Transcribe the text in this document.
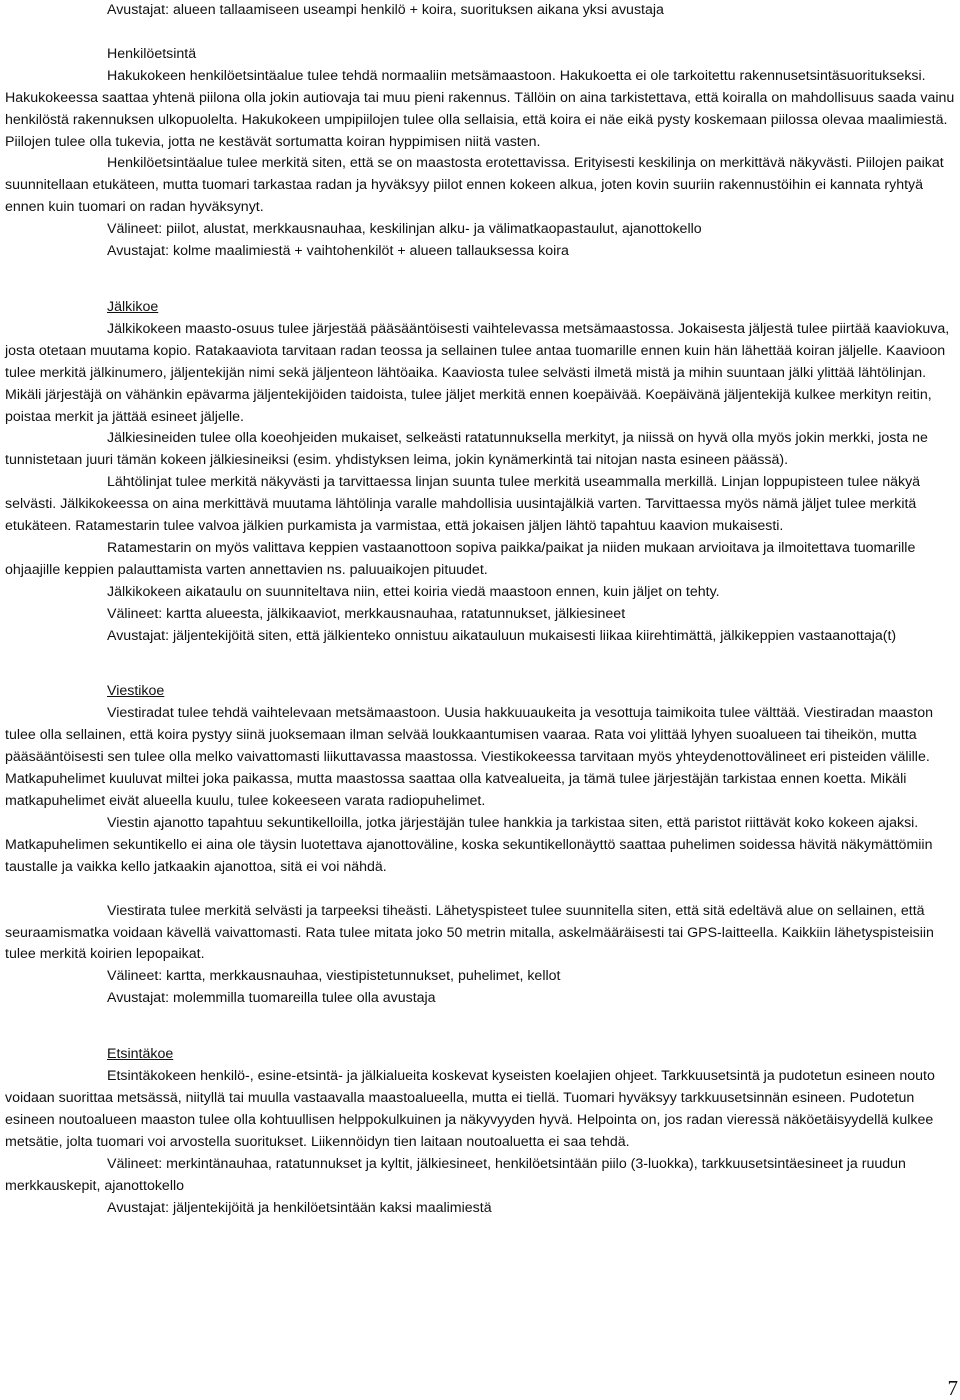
Avustajat: alueen tallaamiseen useampi henkilö + koira, suorituksen aikana yksi avustaja

Henkilöetsintä

Hakukokeen henkilöetsintäalue tulee tehdä normaaliin metsämaastoon. Hakukoetta ei ole tarkoitettu rakennusetsintäsuoritukseksi. Hakukokeessa saattaa yhtenä piilona olla jokin autiovaja tai muu pieni rakennus. Tällöin on aina tarkistettava, että koiralla on mahdollisuus saada vainu henkilöstä rakennuksen ulkopuolelta. Hakukokeen umpipiilojen tulee olla sellaisia, että koira ei näe eikä pysty koskemaan piilossa olevaa maalimiestä. Piilojen tulee olla tukevia, jotta ne kestävät sortumatta koiran hyppimisen niitä vasten.

Henkilöetsintäalue tulee merkitä siten, että se on maastosta erotettavissa. Erityisesti keskilinja on merkittävä näkyvästi. Piilojen paikat suunnitellaan etukäteen, mutta tuomari tarkastaa radan ja hyväksyy piilot ennen kokeen alkua, joten kovin suuriin rakennustöihin ei kannata ryhtyä ennen kuin tuomari on radan hyväksynyt.

Välineet: piilot, alustat, merkkausnauhaa, keskilinjan alku- ja välimatkaopastaulut, ajanottokello

Avustajat: kolme maalimiestä + vaihtohenkilöt + alueen tallauksessa koira

Jälkikoe

Jälkikokeen maasto-osuus tulee järjestää pääsääntöisesti vaihtelevassa metsämaastossa. Jokaisesta jäljestä tulee piirtää kaaviokuva, josta otetaan muutama kopio. Ratakaaviota tarvitaan radan teossa ja sellainen tulee antaa tuomarille ennen kuin hän lähettää koiran jäljelle. Kaavioon tulee merkitä jälkinumero, jäljentekijän nimi sekä jäljenteon lähtöaika. Kaaviosta tulee selvästi ilmetä mistä ja mihin suuntaan jälki ylittää lähtölinjan. Mikäli järjestäjä on vähänkin epävarma jäljentekijöiden taidoista, tulee jäljet merkitä ennen koepäivää. Koepäivänä jäljentekijä kulkee merkityn reitin, poistaa merkit ja jättää esineet jäljelle.

Jälkiesineiden tulee olla koeohjeiden mukaiset, selkeästi ratatunnuksella merkityt, ja niissä on hyvä olla myös jokin merkki, josta ne tunnistetaan juuri tämän kokeen jälkiesineiksi (esim. yhdistyksen leima, jokin kynämerkintä tai nitojan nasta esineen päässä).

Lähtölinjat tulee merkitä näkyvästi ja tarvittaessa linjan suunta tulee merkitä useammalla merkillä. Linjan loppupisteen tulee näkyä selvästi. Jälkikokeessa on aina merkittävä muutama lähtölinja varalle mahdollisia uusintajälkiä varten. Tarvittaessa myös nämä jäljet tulee merkitä etukäteen. Ratamestarin tulee valvoa jälkien purkamista ja varmistaa, että jokaisen jäljen lähtö tapahtuu kaavion mukaisesti.

Ratamestarin on myös valittava keppien vastaanottoon sopiva paikka/paikat ja niiden mukaan arvioitava ja ilmoitettava tuomarille ohjaajille keppien palauttamista varten annettavien ns. paluuaikojen pituudet.

Jälkikokeen aikataulu on suunniteltava niin, ettei koiria viedä maastoon ennen, kuin jäljet on tehty.

Välineet: kartta alueesta, jälkikaaviot, merkkausnauhaa, ratatunnukset, jälkiesineet

Avustajat: jäljentekijöitä siten, että jälkienteko onnistuu aikatauluun mukaisesti liikaa kiirehtimättä, jälkikeppien vastaanottaja(t)

Viestikoe

Viestiradat tulee tehdä vaihtelevaan metsämaastoon. Uusia hakkuuaukeita ja vesottuja taimikoita tulee välttää. Viestiradan maaston tulee olla sellainen, että koira pystyy siinä juoksemaan ilman selvää loukkaantumisen vaaraa. Rata voi ylittää lyhyen suoalueen tai tiheikön, mutta pääsääntöisesti sen tulee olla melko vaivattomasti liikuttavassa maastossa. Viestikokeessa tarvitaan myös yhteydenottovälineet eri pisteiden välille. Matkapuhelimet kuuluvat miltei joka paikassa, mutta maastossa saattaa olla katvealueita, ja tämä tulee järjestäjän tarkistaa ennen koetta. Mikäli matkapuhelimet eivät alueella kuulu, tulee kokeeseen varata radiopuhelimet.

Viestin ajanotto tapahtuu sekuntikelloilla, jotka järjestäjän tulee hankkia ja tarkistaa siten, että paristot riittävät koko kokeen ajaksi. Matkapuhelimen sekuntikello ei aina ole täysin luotettava ajanottoväline, koska sekuntikellonäyttö saattaa puhelimen soidessa hävitä näkymättömiin taustalle ja vaikka kello jatkaakin ajanottoa, sitä ei voi nähdä.

Viestirata tulee merkitä selvästi ja tarpeeksi tiheästi. Lähetyspisteet tulee suunnitella siten, että sitä edeltävä alue on sellainen, että seuraamismatka voidaan kävellä vaivattomasti. Rata tulee mitata joko 50 metrin mitalla, askelmääräisesti tai GPS-laitteella. Kaikkiin lähetyspisteisiin tulee merkitä koirien lepopaikat.

Välineet: kartta, merkkausnauhaa, viestipistetunnukset, puhelimet, kellot

Avustajat: molemmilla tuomareilla tulee olla avustaja

Etsintäkoe

Etsintäkokeen henkilö-, esine-etsintä- ja jälkialueita koskevat kyseisten koelajien ohjeet. Tarkkuusetsintä ja pudotetun esineen nouto voidaan suorittaa metsässä, niityllä tai muulla vastaavalla maastoalueella, mutta ei tiellä. Tuomari hyväksyy tarkkuusetsinnän esineen. Pudotetun esineen noutoalueen maaston tulee olla kohtuullisen helppokulkuinen ja näkyvyyden hyvä. Helpointa on, jos radan vieressä näköetäisyydellä kulkee metsätie, jolta tuomari voi arvostella suoritukset. Liikennöidyn tien laitaan noutoaluetta ei saa tehdä.

Välineet: merkintänauhaa, ratatunnukset ja kyltit, jälkiesineet, henkilöetsintään piilo (3-luokka), tarkkuusetsintäesineet ja ruudun merkkauskepit, ajanottokello

Avustajat: jäljentekijöitä ja henkilöetsintään kaksi maalimiestä

7
